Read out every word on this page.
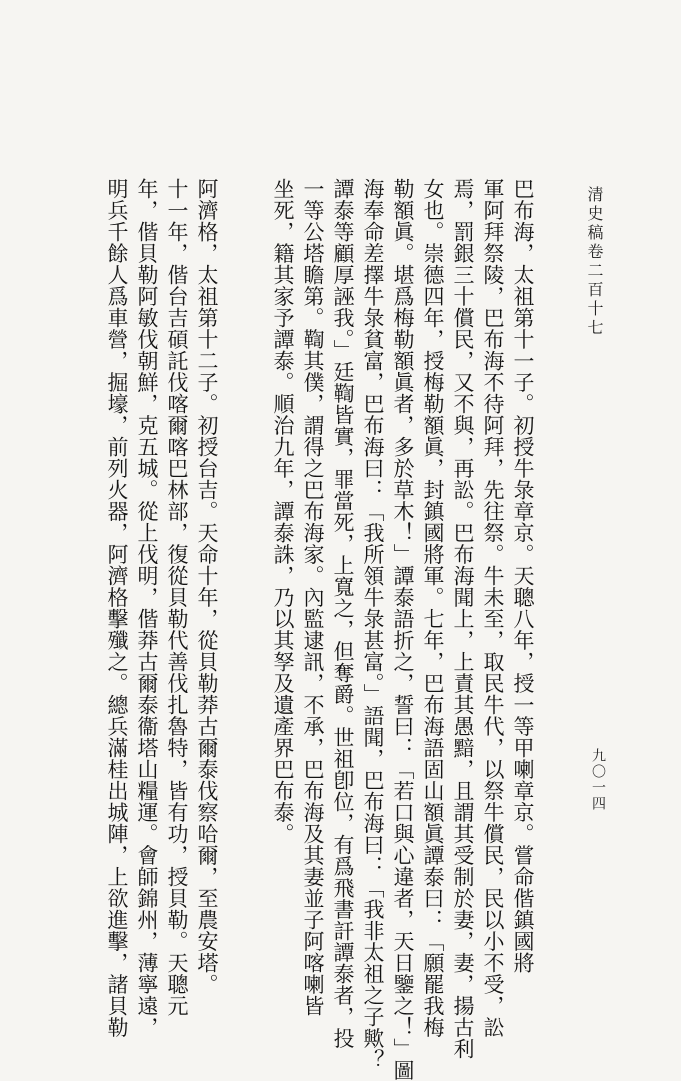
清史稿卷二百十七
巴布海，太祖第十一子。初授牛彔章京。天聰八年，授一等甲喇章京。嘗命偕鎮國將
軍阿拜祭陵，巴布海不待阿拜，先往祭。牛未至，取民牛代，以祭牛償民，民以小不受，訟
焉，罰銀三十償民，又不與，再訟。巴布海聞上，上責其愚黯，且謂其受制於妻，妻，揚古利
女也。崇德四年，授梅勒額眞，封鎮國將軍。七年，巴布海語固山額眞譚泰曰：「願罷我梅
勒額眞。堪爲梅勒額眞者，多於草木！」譚泰語折之，誓曰：「若口與心違者，天日鑒之！」圖
海奉命差擇牛彔貧富，巴布海曰：「我所領牛彔甚富。」語聞，巴布海曰：「我非太祖之子歟？
譚泰等顧厚誣我。」廷鞫皆實，罪當死，上寬之，但奪爵。世祖卽位，有爲飛書訐譚泰者，投
一等公塔瞻第。鞫其僕，謂得之巴布海家。內監逮訊，不承，巴布海及其妻並子阿喀喇皆
坐死，籍其家予譚泰。順治九年，譚泰誅，乃以其孥及遺產界巴布泰。
阿濟格，太祖第十二子。初授台吉。天命十年，從貝勒莽古爾泰伐察哈爾，至農安塔。
十一年，偕台吉碩託伐喀爾喀巴林部，復從貝勒代善伐扎魯特，皆有功，授貝勒。天聰元
年，偕貝勒阿敏伐朝鮮，克五城。從上伐明，偕莽古爾泰衞塔山糧運。會師錦州，薄寧遠，
明兵千餘人爲車營，掘壕，前列火器，阿濟格擊殲之。總兵滿桂出城陣，上欲進擊，諸貝勒	九〇一四
